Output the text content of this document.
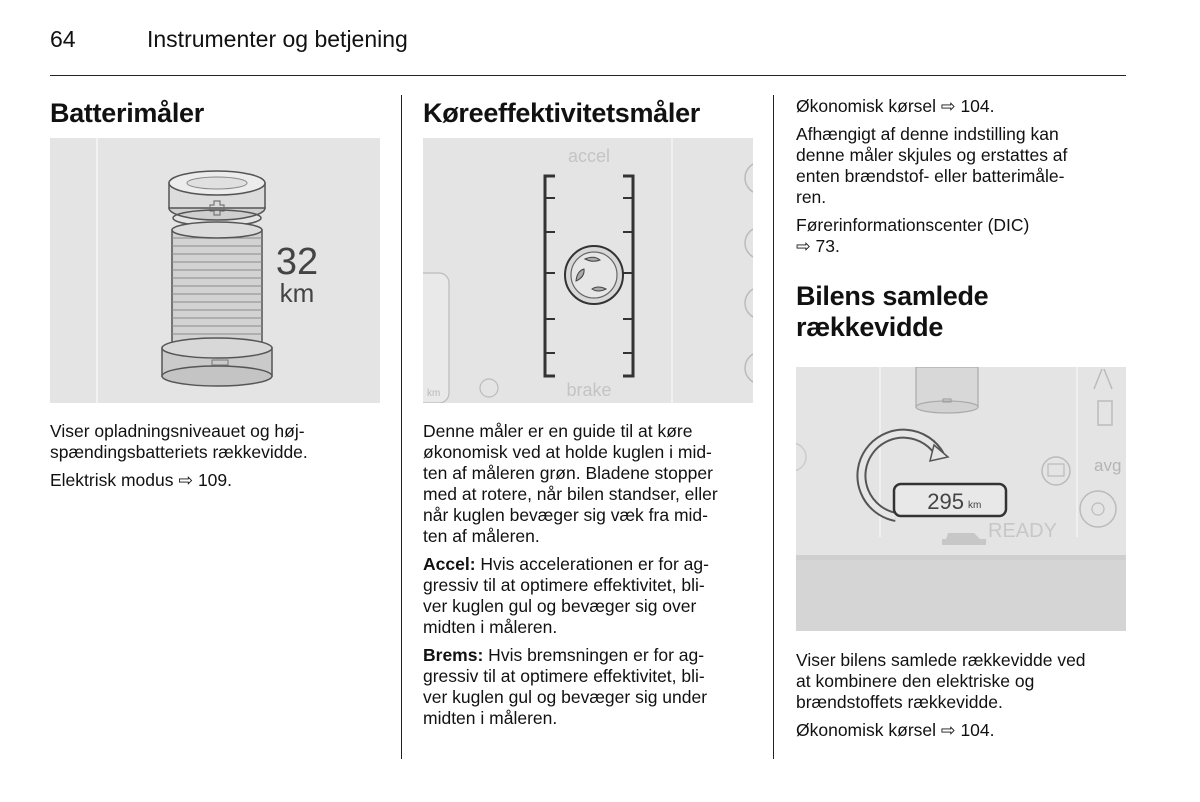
64	Instrumenter og betjening
Batterimåler
32
km

Viser opladningsniveauet og høj-
spændingsbatteriets rækkevidde.

Elektrisk modus ⇨ 109.

Køreeffektivitetsmåler
accel
brake
km

Denne måler er en guide til at køre
økonomisk ved at holde kuglen i mid-
ten af måleren grøn. Bladene stopper
med at rotere, når bilen standser, eller
når kuglen bevæger sig væk fra mid-
ten af måleren.

Accel: Hvis accelerationen er for ag-
gressiv til at optimere effektivitet, bli-
ver kuglen gul og bevæger sig over
midten i måleren.

Brems: Hvis bremsningen er for ag-
gressiv til at optimere effektivitet, bli-
ver kuglen gul og bevæger sig under
midten i måleren.

Økonomisk kørsel ⇨ 104.

Afhængigt af denne indstilling kan
denne måler skjules og erstattes af
enten brændstof- eller batterimåle-
ren.

Førerinformationscenter (DIC)
⇨ 73.

Bilens samlede
rækkevidde
avg
295 km
READY

Viser bilens samlede rækkevidde ved
at kombinere den elektriske og
brændstoffets rækkevidde.

Økonomisk kørsel ⇨ 104.
